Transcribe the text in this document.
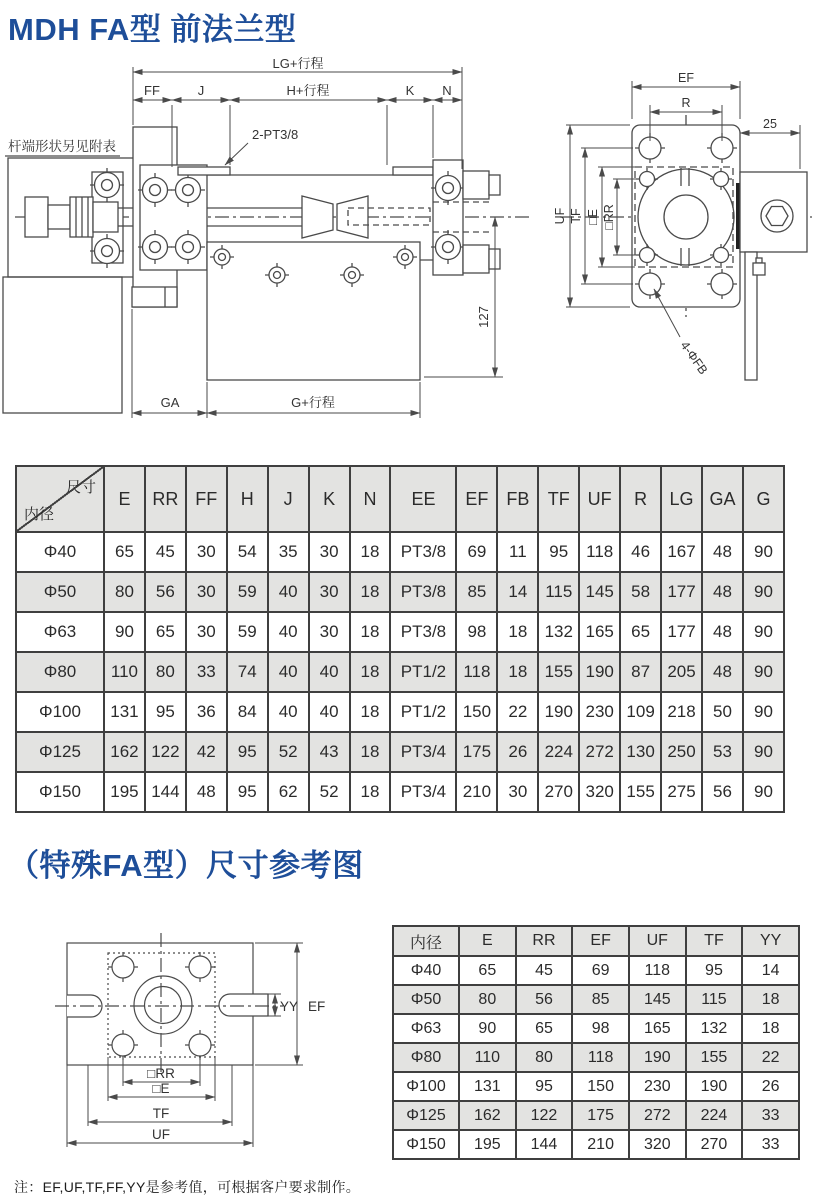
MDH FA型 前法兰型
LG+行程
FF	J	H+行程	K N
2-PT3/8
杆端形状另见附表
127
GA	G+行程
EF
R
25
UF TF □E □RR
4-ΦFB
尺寸
内径	E	RR	FF	H	J	K	N	EE	EF	FB	TF	UF	R	LG	GA	G
Φ40	65	45	30	54	35	30	18	PT3/8	69	11	95	118	46	167	48	90
Φ50	80	56	30	59	40	30	18	PT3/8	85	14	115	145	58	177	48	90
Φ63	90	65	30	59	40	30	18	PT3/8	98	18	132	165	65	177	48	90
Φ80	110	80	33	74	40	40	18	PT1/2	118	18	155	190	87	205	48	90
Φ100	131	95	36	84	40	40	18	PT1/2	150	22	190	230	109	218	50	90
Φ125	162	122	42	95	52	43	18	PT3/4	175	26	224	272	130	250	53	90
Φ150	195	144	48	95	62	52	18	PT3/4	210	30	270	320	155	275	56	90
（特殊FA型）尺寸参考图
YY EF
□RR
□E
TF
UF
内径	E	RR	EF	UF	TF	YY
Φ40	65	45	69	118	95	14
Φ50	80	56	85	145	115	18
Φ63	90	65	98	165	132	18
Φ80	110	80	118	190	155	22
Φ100	131	95	150	230	190	26
Φ125	162	122	175	272	224	33
Φ150	195	144	210	320	270	33
注：EF,UF,TF,FF,YY是参考值，可根据客户要求制作。
